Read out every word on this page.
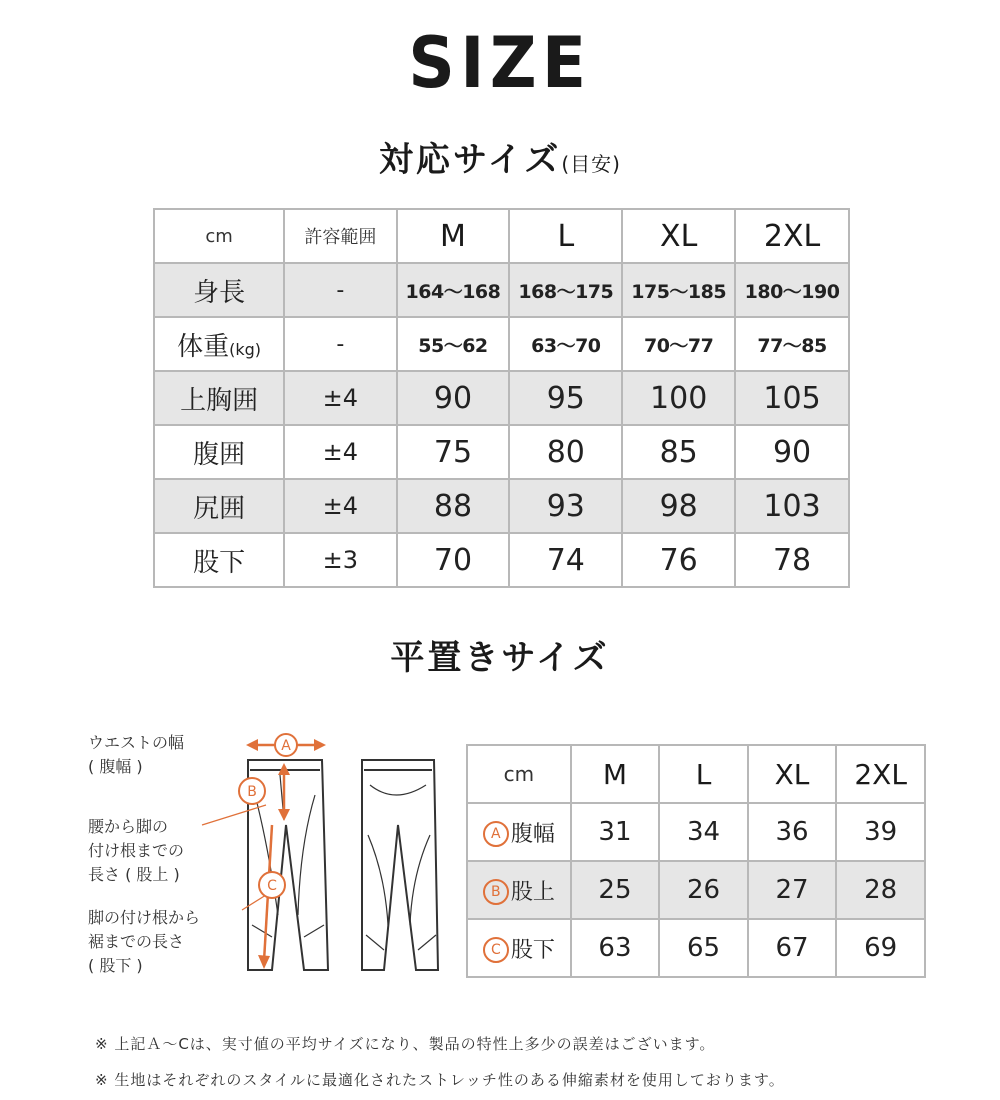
SIZE
対応サイズ(目安)
cm	許容範囲	M	L	XL	2XL
身長	-	164～168	168～175	175～185	180～190
体重(kg)	-	55～62	63～70	70～77	77～85
上胸囲	±4	90	95	100	105
腹囲	±4	75	80	85	90
尻囲	±4	88	93	98	103
股下	±3	70	74	76	78
平置きサイズ
ウエストの幅
( 腹幅 )
腰から脚の
付け根までの
長さ ( 股上 )
脚の付け根から
裾までの長さ
( 股下 )
A
B
C
cm	M	L	XL	2XL
A 腹幅	31	34	36	39
B 股上	25	26	27	28
C 股下	63	65	67	69
※ 上記Ａ～Cは、実寸値の平均サイズになり、製品の特性上多少の誤差はございます。
※ 生地はそれぞれのスタイルに最適化されたストレッチ性のある伸縮素材を使用しております。
